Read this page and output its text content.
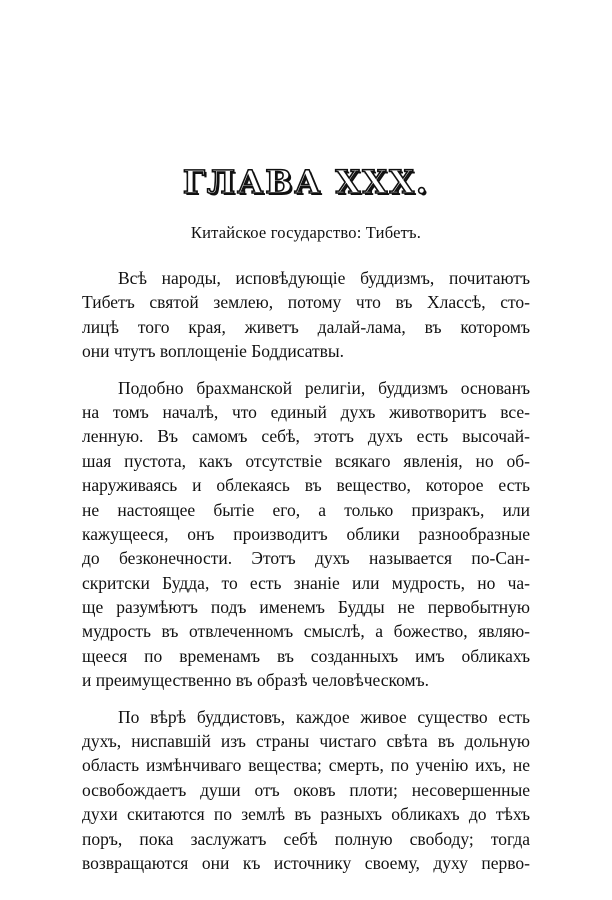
ГЛАВА XXX.
Китайское государство: Тибетъ.
Всѣ народы, исповѣдующіе буддизмъ, почитаютъ
Тибетъ святой землею, потому что въ Хлассѣ, сто-
лицѣ того края, живетъ далай-лама, въ которомъ
они чтутъ воплощеніе Боддисатвы.
Подобно брахманской религіи, буддизмъ основанъ
на томъ началѣ, что единый духъ животворитъ все-
ленную. Въ самомъ себѣ, этотъ духъ есть высочай-
шая пустота, какъ отсутствіе всякаго явленія, но об-
наруживаясь и облекаясь въ вещество, которое есть
не настоящее бытіе его, а только призракъ, или
кажущееся, онъ производитъ облики разнообразные
до безконечности. Этотъ духъ называется по-Сан-
скритски Будда, то есть знаніе или мудрость, но ча-
ще разумѣютъ подъ именемъ Будды не первобытную
мудрость въ отвлеченномъ смыслѣ, а божество, являю-
щееся по временамъ въ созданныхъ имъ обликахъ
и преимущественно въ образѣ человѣческомъ.
По вѣрѣ буддистовъ, каждое живое существо есть
духъ, ниспавшій изъ страны чистаго свѣта въ дольную
область измѣнчиваго вещества; смерть, по ученію ихъ, не
освобождаетъ души отъ оковъ плоти; несовершенные
духи скитаются по землѣ въ разныхъ обликахъ до тѣхъ
поръ, пока заслужатъ себѣ полную свободу; тогда
возвращаются они къ источнику своему, духу перво-
